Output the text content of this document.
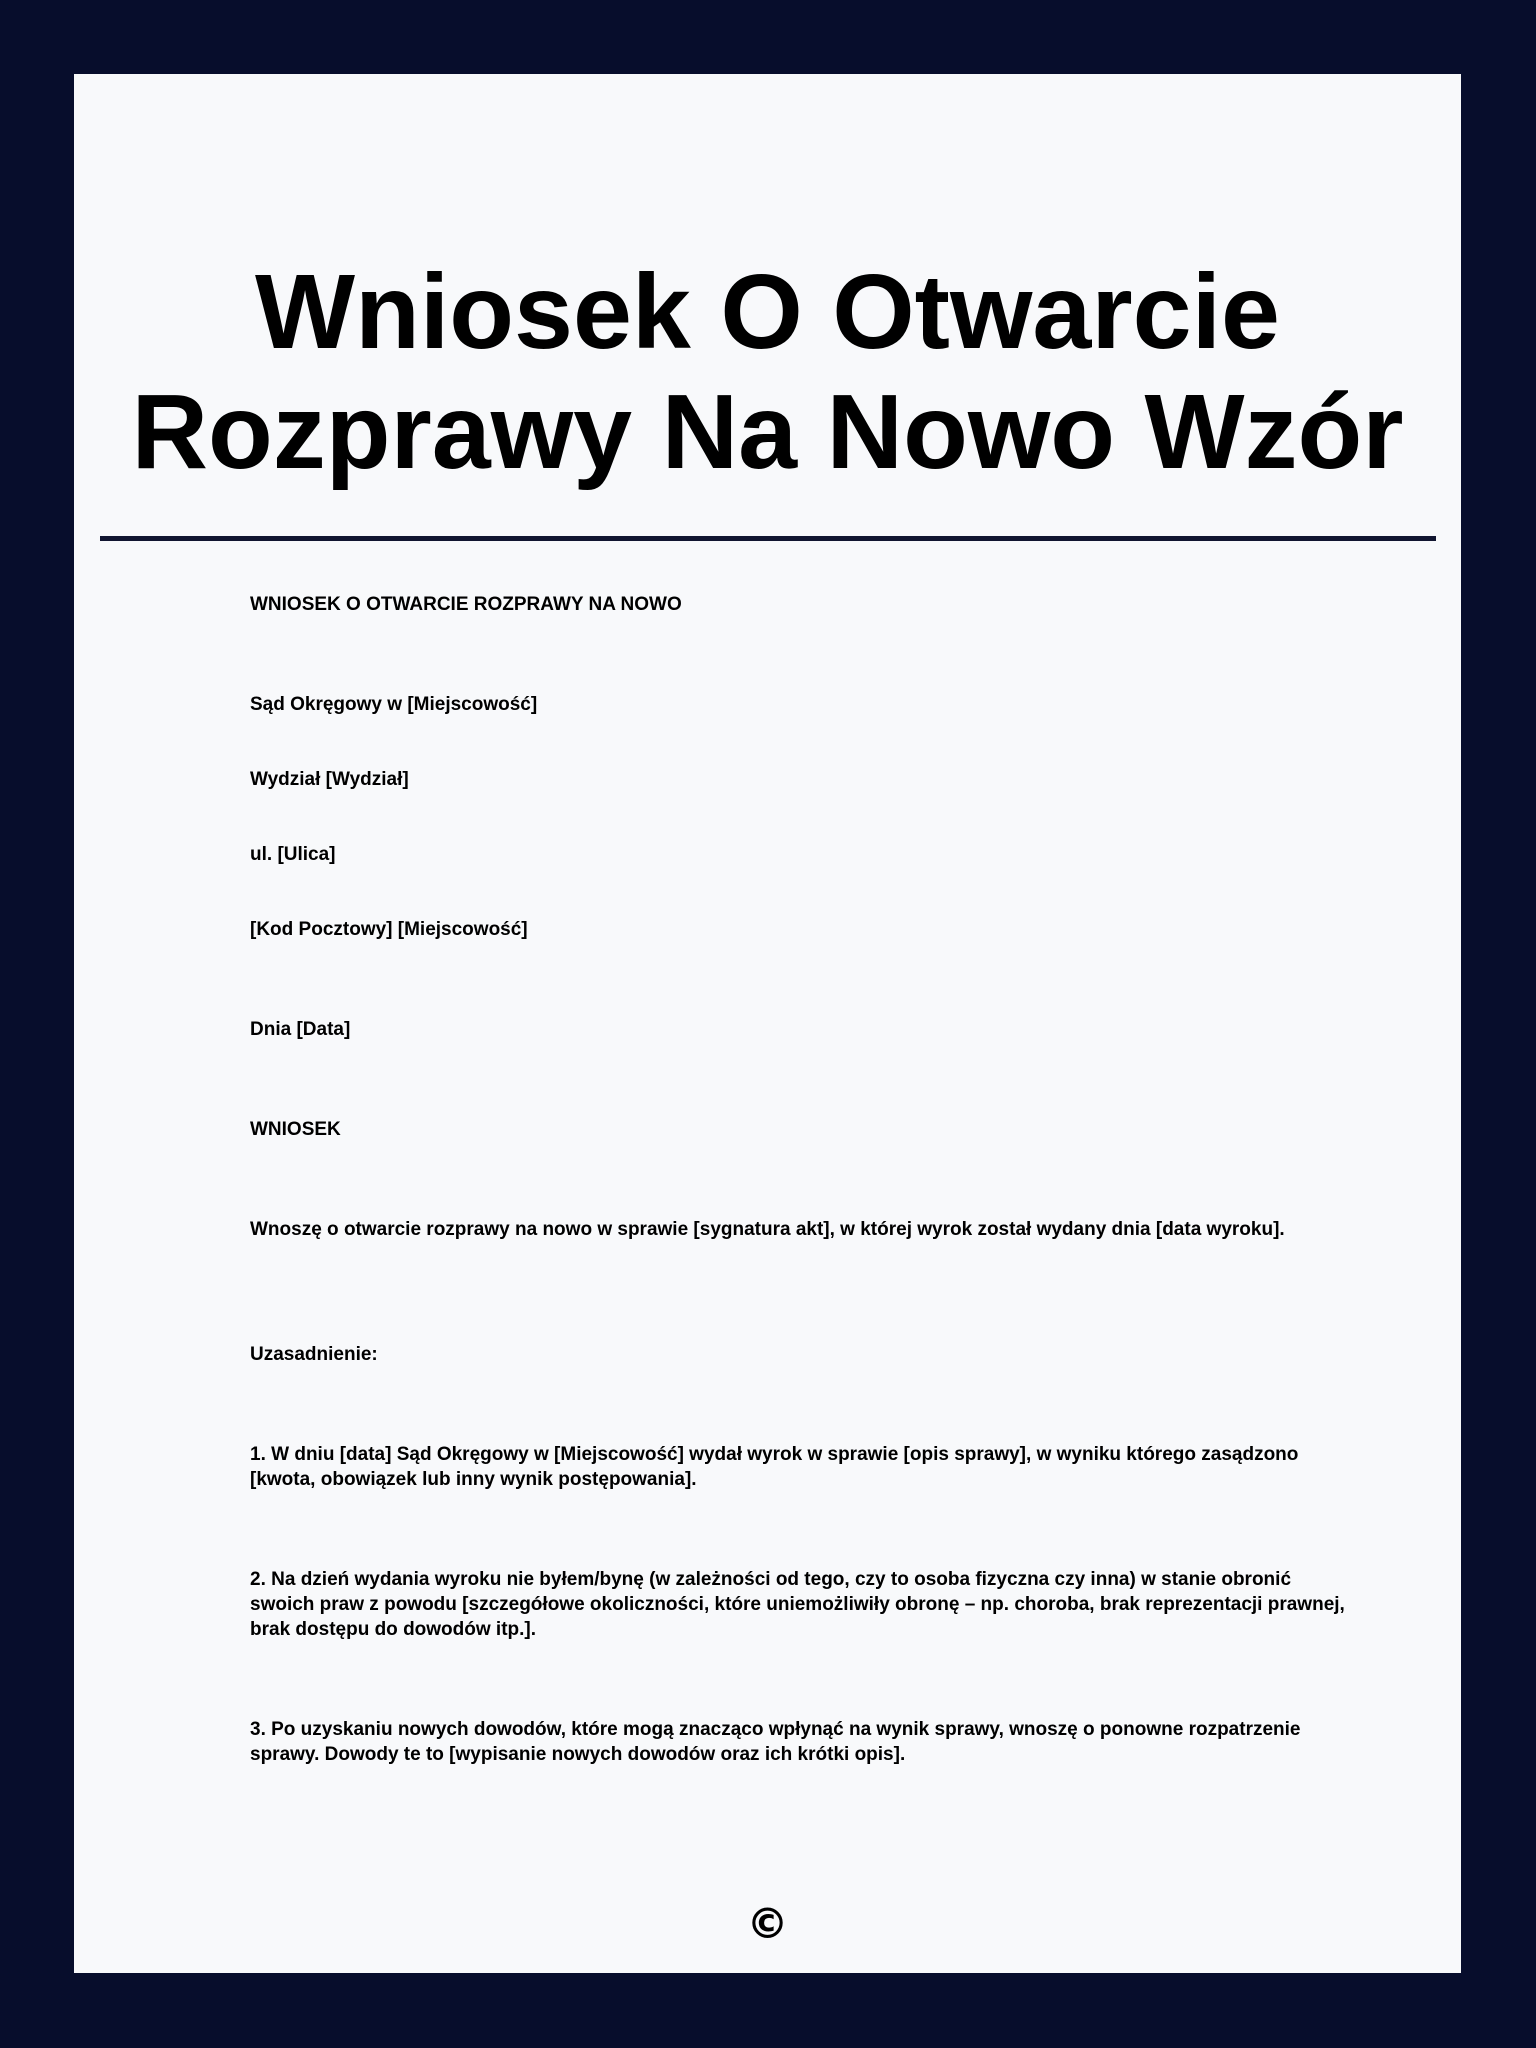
Wniosek O Otwarcie
Rozprawy Na Nowo Wzór

WNIOSEK O OTWARCIE ROZPRAWY NA NOWO

Sąd Okręgowy w [Miejscowość]

Wydział [Wydział]

ul. [Ulica]

[Kod Pocztowy] [Miejscowość]

Dnia [Data]

WNIOSEK

Wnoszę o otwarcie rozprawy na nowo w sprawie [sygnatura akt], w której wyrok został wydany dnia [data wyroku].

Uzasadnienie:

1. W dniu [data] Sąd Okręgowy w [Miejscowość] wydał wyrok w sprawie [opis sprawy], w wyniku którego zasądzono [kwota, obowiązek lub inny wynik postępowania].

2. Na dzień wydania wyroku nie byłem/bynę (w zależności od tego, czy to osoba fizyczna czy inna) w stanie obronić swoich praw z powodu [szczegółowe okoliczności, które uniemożliwiły obronę – np. choroba, brak reprezentacji prawnej, brak dostępu do dowodów itp.].

3. Po uzyskaniu nowych dowodów, które mogą znacząco wpłynąć na wynik sprawy, wnoszę o ponowne rozpatrzenie sprawy. Dowody te to [wypisanie nowych dowodów oraz ich krótki opis].

©
